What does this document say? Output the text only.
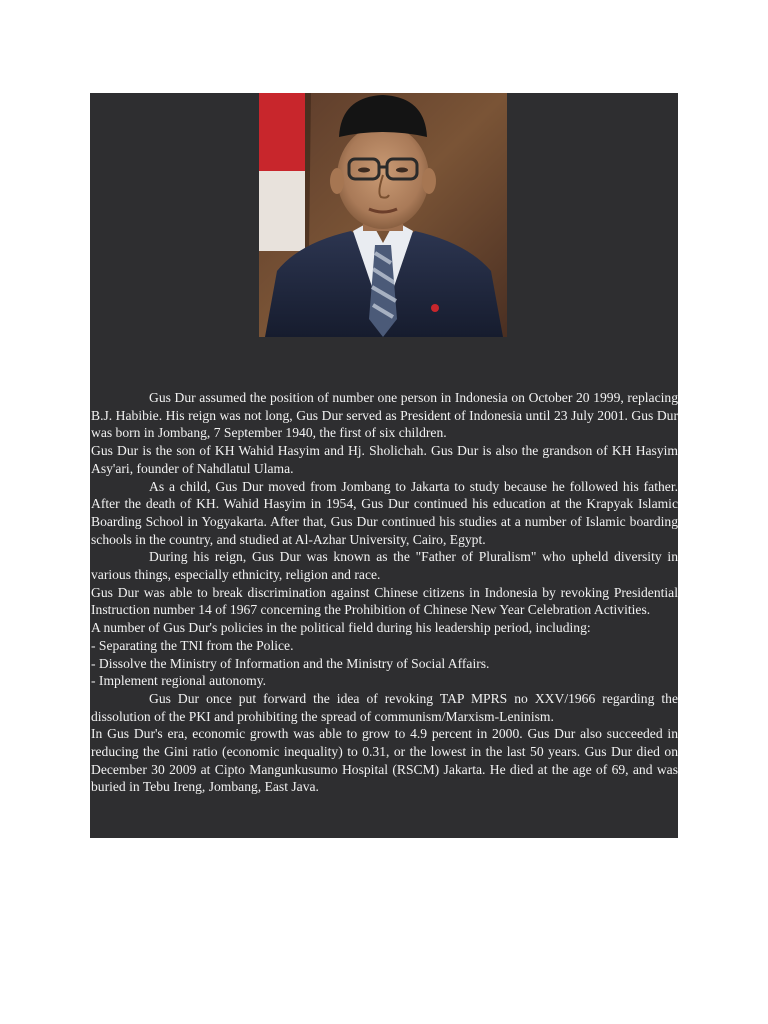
Gus Dur assumed the position of number one person in Indonesia on October 20 1999, replacing B.J. Habibie. His reign was not long, Gus Dur served as President of Indonesia until 23 July 2001. Gus Dur was born in Jombang, 7 September 1940, the first of six children.

Gus Dur is the son of KH Wahid Hasyim and Hj. Sholichah. Gus Dur is also the grandson of KH Hasyim Asy'ari, founder of Nahdlatul Ulama.

As a child, Gus Dur moved from Jombang to Jakarta to study because he followed his father. After the death of KH. Wahid Hasyim in 1954, Gus Dur continued his education at the Krapyak Islamic Boarding School in Yogyakarta. After that, Gus Dur continued his studies at a number of Islamic boarding schools in the country, and studied at Al-Azhar University, Cairo, Egypt.

During his reign, Gus Dur was known as the "Father of Pluralism" who upheld diversity in various things, especially ethnicity, religion and race.

Gus Dur was able to break discrimination against Chinese citizens in Indonesia by revoking Presidential Instruction number 14 of 1967 concerning the Prohibition of Chinese New Year Celebration Activities.

A number of Gus Dur's policies in the political field during his leadership period, including:

- Separating the TNI from the Police.

- Dissolve the Ministry of Information and the Ministry of Social Affairs.

- Implement regional autonomy.

Gus Dur once put forward the idea of revoking TAP MPRS no XXV/1966 regarding the dissolution of the PKI and prohibiting the spread of communism/Marxism-Leninism.

In Gus Dur's era, economic growth was able to grow to 4.9 percent in 2000. Gus Dur also succeeded in reducing the Gini ratio (economic inequality) to 0.31, or the lowest in the last 50 years. Gus Dur died on December 30 2009 at Cipto Mangunkusumo Hospital (RSCM) Jakarta. He died at the age of 69, and was buried in Tebu Ireng, Jombang, East Java.
